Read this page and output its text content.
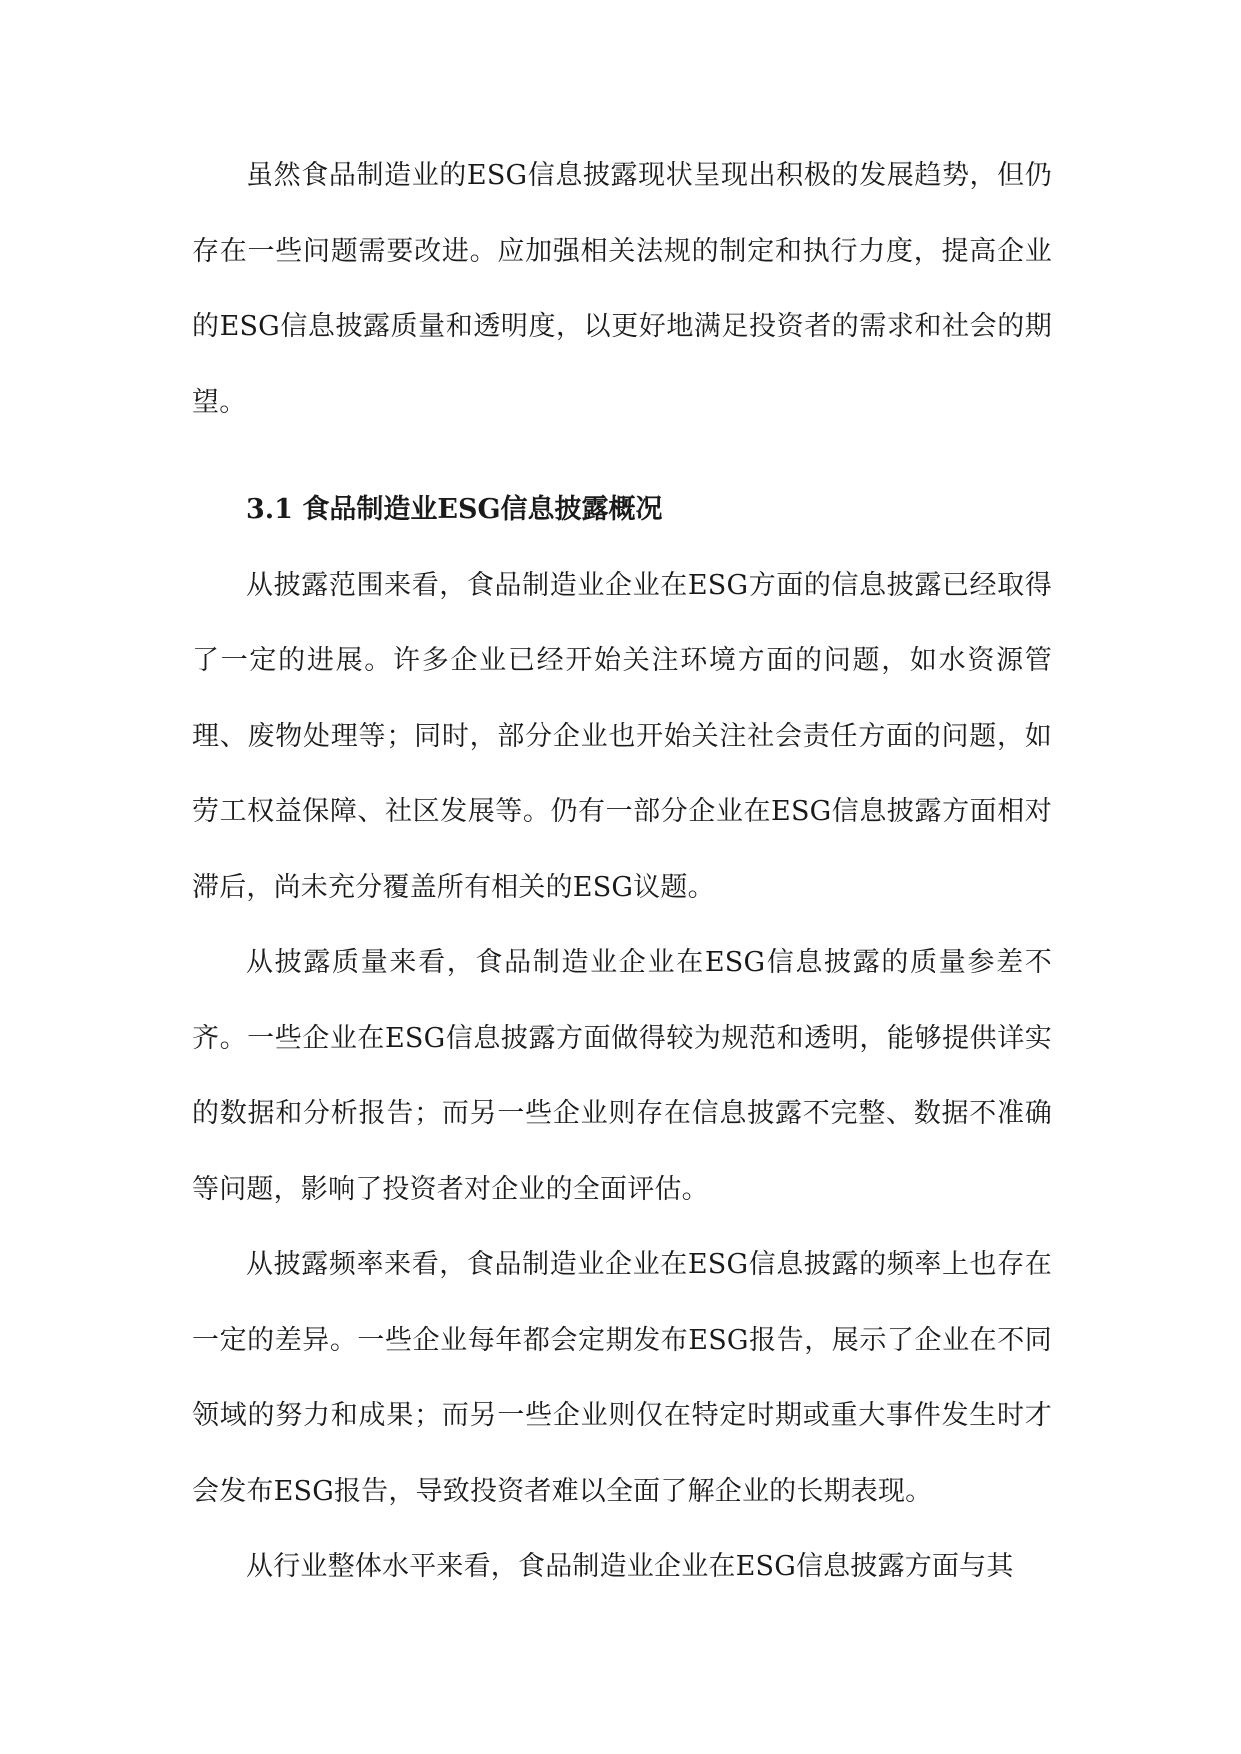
虽然食品制造业的ESG信息披露现状呈现出积极的发展趋势，但仍存在一些问题需要改进。应加强相关法规的制定和执行力度，提高企业的ESG信息披露质量和透明度，以更好地满足投资者的需求和社会的期望。

3.1 食品制造业ESG信息披露概况

从披露范围来看，食品制造业企业在ESG方面的信息披露已经取得了一定的进展。许多企业已经开始关注环境方面的问题，如水资源管理、废物处理等；同时，部分企业也开始关注社会责任方面的问题，如劳工权益保障、社区发展等。仍有一部分企业在ESG信息披露方面相对滞后，尚未充分覆盖所有相关的ESG议题。

从披露质量来看，食品制造业企业在ESG信息披露的质量参差不齐。一些企业在ESG信息披露方面做得较为规范和透明，能够提供详实的数据和分析报告；而另一些企业则存在信息披露不完整、数据不准确等问题，影响了投资者对企业的全面评估。

从披露频率来看，食品制造业企业在ESG信息披露的频率上也存在一定的差异。一些企业每年都会定期发布ESG报告，展示了企业在不同领域的努力和成果；而另一些企业则仅在特定时期或重大事件发生时才会发布ESG报告，导致投资者难以全面了解企业的长期表现。

从行业整体水平来看，食品制造业企业在ESG信息披露方面与其
